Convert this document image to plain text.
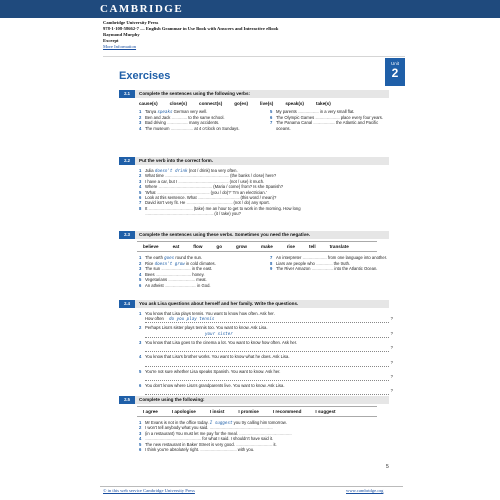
CAMBRIDGE
Cambridge University Press
978-1-108-58662-7 — English Grammar in Use Book with Answers and Interactive eBook
Raymond Murphy
Excerpt
More Information
Exercises
Unit
2
2.1	Complete the sentences using the following verbs:
cause(s)	close(s)	connect(s)	go(es)	live(s)	speak(s)	take(s)
1 Tanya speaks German very well.
2 Ben and Jack .................. to the same school.
3 Bad driving ........................ many accidents.
4 The museum .......................... at 4 o'clock on Sundays.
5 My parents ........................ in a very small flat.
6 The Olympic Games ............................ place every four years.
7 The Panama Canal ......................... the Atlantic and Pacific oceans.
2.2	Put the verb into the correct form.
1 Julia doesn't drink (not / drink) tea very often.
2 What time .......................................................................... (the banks / close) here?
3 I have a car, but I .......................................................... (not / use) it much.
4 Where .............................................................. (Maria / come) from? Is she Spanish?
5 'What ............................................................. (you / do)?' 'I'm an electrician.'
6 Look at this sentence. What ................................................ (this word / mean)?
7 David isn't very fit. He ..................................................... (not / do) any sport.
8 It ................................................... (take) me an hour to get to work in the morning. How long
............................................................................... (it / take) you?
2.3	Complete the sentences using these verbs. Sometimes you need the negative.
believe	eat	flow	go	grow	make	rise	tell	translate
1 The earth goes round the sun.
2 Rice doesn't grow in cold climates.
3 The sun .................................. in the east.
4 Bees ......................................... honey.
5 Vegetarians ............................... meat.
6 An atheist .................................... in God.
7 An interpreter ............................ from one language into another.
8 Liars are people who ................... the truth.
9 The River Amazon ......................... into the Atlantic Ocean.
2.4	You ask Lisa questions about herself and her family. Write the questions.
1 You know that Lisa plays tennis. You want to know how often. Ask her.
How often do you play tennis	?
2 Perhaps Lisa's sister plays tennis too. You want to know. Ask Lisa.
your sister	?
3 You know that Lisa goes to the cinema a lot. You want to know how often. Ask her.
?
4 You know that Lisa's brother works. You want to know what he does. Ask Lisa.
?
5 You're not sure whether Lisa speaks Spanish. You want to know. Ask her.
?
6 You don't know where Lisa's grandparents live. You want to know. Ask Lisa.
?
2.5	Complete using the following:
I agree	I apologise	I insist	I promise	I recommend	I suggest
1 Mr Evans is not in the office today. I suggest you try calling him tomorrow.
2 I won't tell anybody what you said. .........................................................................
3 (in a restaurant) You must let me pay for the meal. .............................................................
4 ................................................................. for what I said. I shouldn't have said it.
5 The new restaurant in Baker Street is very good. .......................................... it.
6 I think you're absolutely right. .......................................... with you.
5
© in this web service Cambridge University Press	www.cambridge.org
